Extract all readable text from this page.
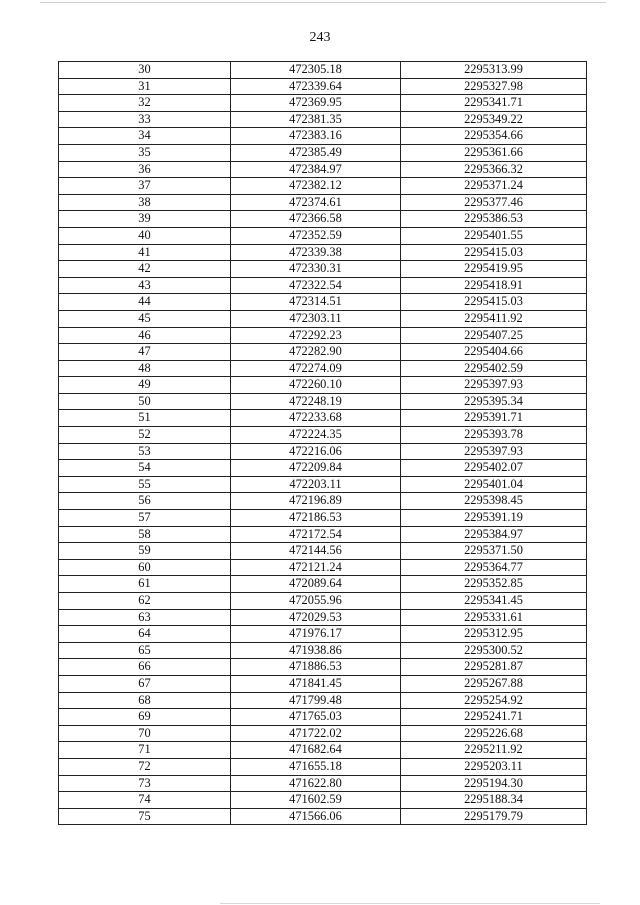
243
30	472305.18	2295313.99
31	472339.64	2295327.98
32	472369.95	2295341.71
33	472381.35	2295349.22
34	472383.16	2295354.66
35	472385.49	2295361.66
36	472384.97	2295366.32
37	472382.12	2295371.24
38	472374.61	2295377.46
39	472366.58	2295386.53
40	472352.59	2295401.55
41	472339.38	2295415.03
42	472330.31	2295419.95
43	472322.54	2295418.91
44	472314.51	2295415.03
45	472303.11	2295411.92
46	472292.23	2295407.25
47	472282.90	2295404.66
48	472274.09	2295402.59
49	472260.10	2295397.93
50	472248.19	2295395.34
51	472233.68	2295391.71
52	472224.35	2295393.78
53	472216.06	2295397.93
54	472209.84	2295402.07
55	472203.11	2295401.04
56	472196.89	2295398.45
57	472186.53	2295391.19
58	472172.54	2295384.97
59	472144.56	2295371.50
60	472121.24	2295364.77
61	472089.64	2295352.85
62	472055.96	2295341.45
63	472029.53	2295331.61
64	471976.17	2295312.95
65	471938.86	2295300.52
66	471886.53	2295281.87
67	471841.45	2295267.88
68	471799.48	2295254.92
69	471765.03	2295241.71
70	471722.02	2295226.68
71	471682.64	2295211.92
72	471655.18	2295203.11
73	471622.80	2295194.30
74	471602.59	2295188.34
75	471566.06	2295179.79
